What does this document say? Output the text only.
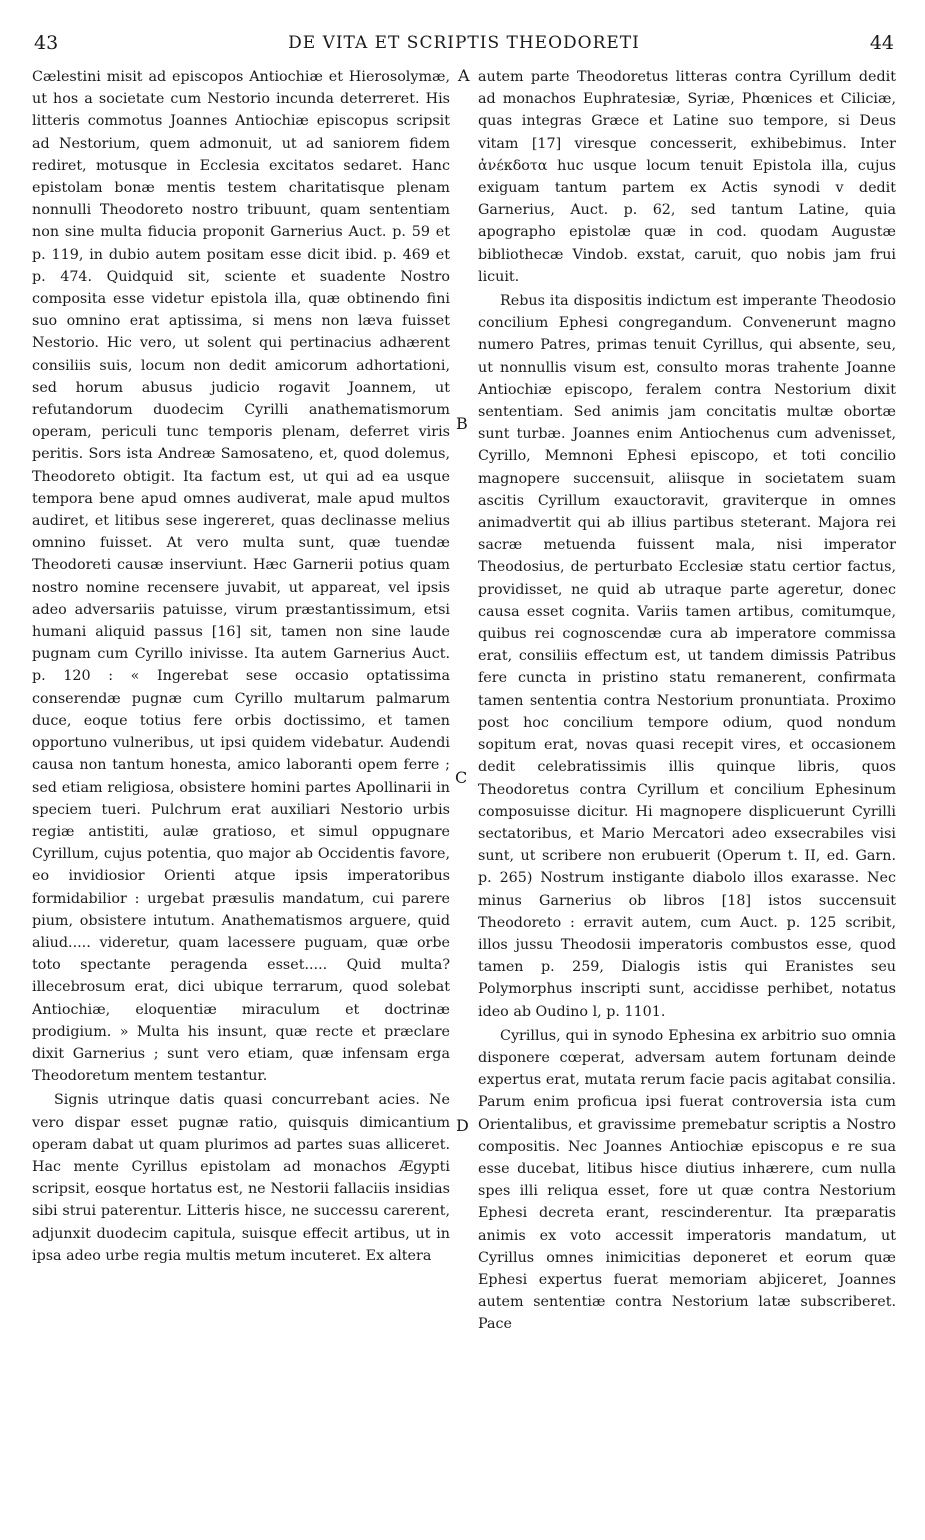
43	DE VITA ET SCRIPTIS THEODORETI	44

Cælestini misit ad episcopos Antiochiæ et Hierosolymæ, ut hos a societate cum Nestorio incunda deterreret. His litteris commotus Joannes Antiochiæ episcopus scripsit ad Nestorium, quem admonuit, ut ad saniorem fidem rediret, motusque in Ecclesia excitatos sedaret. Hanc epistolam bonæ mentis testem charitatisque plenam nonnulli Theodoreto nostro tribuunt, quam sententiam non sine multa fiducia proponit Garnerius Auct. p. 59 et p. 119, in dubio autem positam esse dicit ibid. p. 469 et p. 474. Quidquid sit, sciente et suadente Nostro composita esse videtur epistola illa, quæ obtinendo fini suo omnino erat aptissima, si mens non læva fuisset Nestorio. Hic vero, ut solent qui pertinacius adhærent consiliis suis, locum non dedit amicorum adhortationi, sed horum abusus judicio rogavit Joannem, ut refutandorum duodecim Cyrilli anathematismorum operam, periculi tunc temporis plenam, deferret viris peritis. Sors ista Andreæ Samosateno, et, quod dolemus, Theodoreto obtigit. Ita factum est, ut qui ad ea usque tempora bene apud omnes audiverat, male apud multos audiret, et litibus sese ingereret, quas declinasse melius omnino fuisset. At vero multa sunt, quæ tuendæ Theodoreti causæ inserviunt. Hæc Garnerii potius quam nostro nomine recensere juvabit, ut appareat, vel ipsis adeo adversariis patuisse, virum præstantissimum, etsi humani aliquid passus [16] sit, tamen non sine laude pugnam cum Cyrillo inivisse. Ita autem Garnerius Auct. p. 120 : « Ingerebat sese occasio optatissima conserendæ pugnæ cum Cyrillo multarum palmarum duce, eoque totius fere orbis doctissimo, et tamen opportuno vulneribus, ut ipsi quidem videbatur. Audendi causa non tantum honesta, amico laboranti opem ferre ; sed etiam religiosa, obsistere homini partes Apollinarii in speciem tueri. Pulchrum erat auxiliari Nestorio urbis regiæ antistiti, aulæ gratioso, et simul oppugnare Cyrillum, cujus potentia, quo major ab Occidentis favore, eo invidiosior Orienti atque ipsis imperatoribus formidabilior : urgebat præsulis mandatum, cui parere pium, obsistere intutum. Anathematismos arguere, quid aliud..... videretur, quam lacessere puguam, quæ orbe toto spectante peragenda esset..... Quid multa? illecebrosum erat, dici ubique terrarum, quod solebat Antiochiæ, eloquentiæ miraculum et doctrinæ prodigium. » Multa his insunt, quæ recte et præclare dixit Garnerius ; sunt vero etiam, quæ infensam erga Theodoretum mentem testantur.

Signis utrinque datis quasi concurrebant acies. Ne vero dispar esset pugnæ ratio, quisquis dimicantium operam dabat ut quam plurimos ad partes suas alliceret. Hac mente Cyrillus epistolam ad monachos Ægypti scripsit, eosque hortatus est, ne Nestorii fallaciis insidias sibi strui paterentur. Litteris hisce, ne successu carerent, adjunxit duodecim capitula, suisque effecit artibus, ut in ipsa adeo urbe regia multis metum incuteret. Ex altera

autem parte Theodoretus litteras contra Cyrillum dedit ad monachos Euphratesiæ, Syriæ, Phœnices et Ciliciæ, quas integras Græce et Latine suo tempore, si Deus vitam [17] viresque concesserit, exhibebimus. Inter ἀνέκδοτα huc usque locum tenuit Epistola illa, cujus exiguam tantum partem ex Actis synodi v dedit Garnerius, Auct. p. 62, sed tantum Latine, quia apographo epistolæ quæ in cod. quodam Augustæ bibliothecæ Vindob. exstat, caruit, quo nobis jam frui licuit.

Rebus ita dispositis indictum est imperante Theodosio concilium Ephesi congregandum. Convenerunt magno numero Patres, primas tenuit Cyrillus, qui absente, seu, ut nonnullis visum est, consulto moras trahente Joanne Antiochiæ episcopo, feralem contra Nestorium dixit sententiam. Sed animis jam concitatis multæ obortæ sunt turbæ. Joannes enim Antiochenus cum advenisset, Cyrillo, Memnoni Ephesi episcopo, et toti concilio magnopere succensuit, aliisque in societatem suam ascitis Cyrillum exauctoravit, graviterque in omnes animadvertit qui ab illius partibus steterant. Majora rei sacræ metuenda fuissent mala, nisi imperator Theodosius, de perturbato Ecclesiæ statu certior factus, providisset, ne quid ab utraque parte ageretur, donec causa esset cognita. Variis tamen artibus, comitumque, quibus rei cognoscendæ cura ab imperatore commissa erat, consiliis effectum est, ut tandem dimissis Patribus fere cuncta in pristino statu remanerent, confirmata tamen sententia contra Nestorium pronuntiata. Proximo post hoc concilium tempore odium, quod nondum sopitum erat, novas quasi recepit vires, et occasionem dedit celebratissimis illis quinque libris, quos Theodoretus contra Cyrillum et concilium Ephesinum composuisse dicitur. Hi magnopere displicuerunt Cyrilli sectatoribus, et Mario Mercatori adeo exsecrabiles visi sunt, ut scribere non erubuerit (Operum t. II, ed. Garn. p. 265) Nostrum instigante diabolo illos exarasse. Nec minus Garnerius ob libros [18] istos succensuit Theodoreto : erravit autem, cum Auct. p. 125 scribit, illos jussu Theodosii imperatoris combustos esse, quod tamen p. 259, Dialogis istis qui Eranistes seu Polymorphus inscripti sunt, accidisse perhibet, notatus ideo ab Oudino l, p. 1101.

Cyrillus, qui in synodo Ephesina ex arbitrio suo omnia disponere cœperat, adversam autem fortunam deinde expertus erat, mutata rerum facie pacis agitabat consilia. Parum enim proficua ipsi fuerat controversia ista cum Orientalibus, et gravissime premebatur scriptis a Nostro compositis. Nec Joannes Antiochiæ episcopus e re sua esse ducebat, litibus hisce diutius inhærere, cum nulla spes illi reliqua esset, fore ut quæ contra Nestorium Ephesi decreta erant, rescinderentur. Ita præparatis animis ex voto accessit imperatoris mandatum, ut Cyrillus omnes inimicitias deponeret et eorum quæ Ephesi expertus fuerat memoriam abjiceret, Joannes autem sententiæ contra Nestorium latæ subscriberet. Pace

A
B
C
D
